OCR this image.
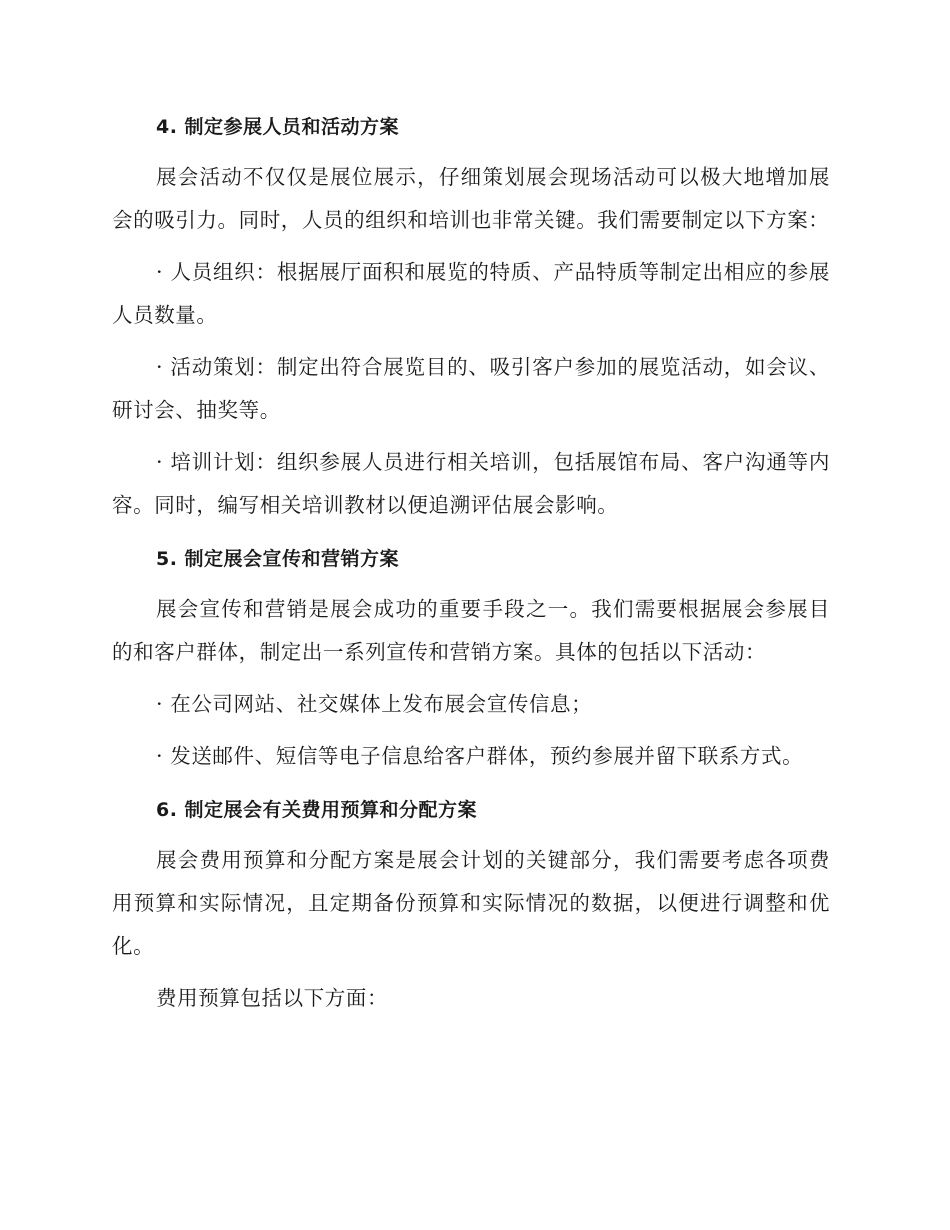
4. 制定参展人员和活动方案

展会活动不仅仅是展位展示，仔细策划展会现场活动可以极大地增加展会的吸引力。同时，人员的组织和培训也非常关键。我们需要制定以下方案：

· 人员组织：根据展厅面积和展览的特质、产品特质等制定出相应的参展人员数量。

· 活动策划：制定出符合展览目的、吸引客户参加的展览活动，如会议、研讨会、抽奖等。

· 培训计划：组织参展人员进行相关培训，包括展馆布局、客户沟通等内容。同时，编写相关培训教材以便追溯评估展会影响。

5. 制定展会宣传和营销方案

展会宣传和营销是展会成功的重要手段之一。我们需要根据展会参展目的和客户群体，制定出一系列宣传和营销方案。具体的包括以下活动：

· 在公司网站、社交媒体上发布展会宣传信息；

· 发送邮件、短信等电子信息给客户群体，预约参展并留下联系方式。

6. 制定展会有关费用预算和分配方案

展会费用预算和分配方案是展会计划的关键部分，我们需要考虑各项费用预算和实际情况，且定期备份预算和实际情况的数据，以便进行调整和优化。

费用预算包括以下方面：
